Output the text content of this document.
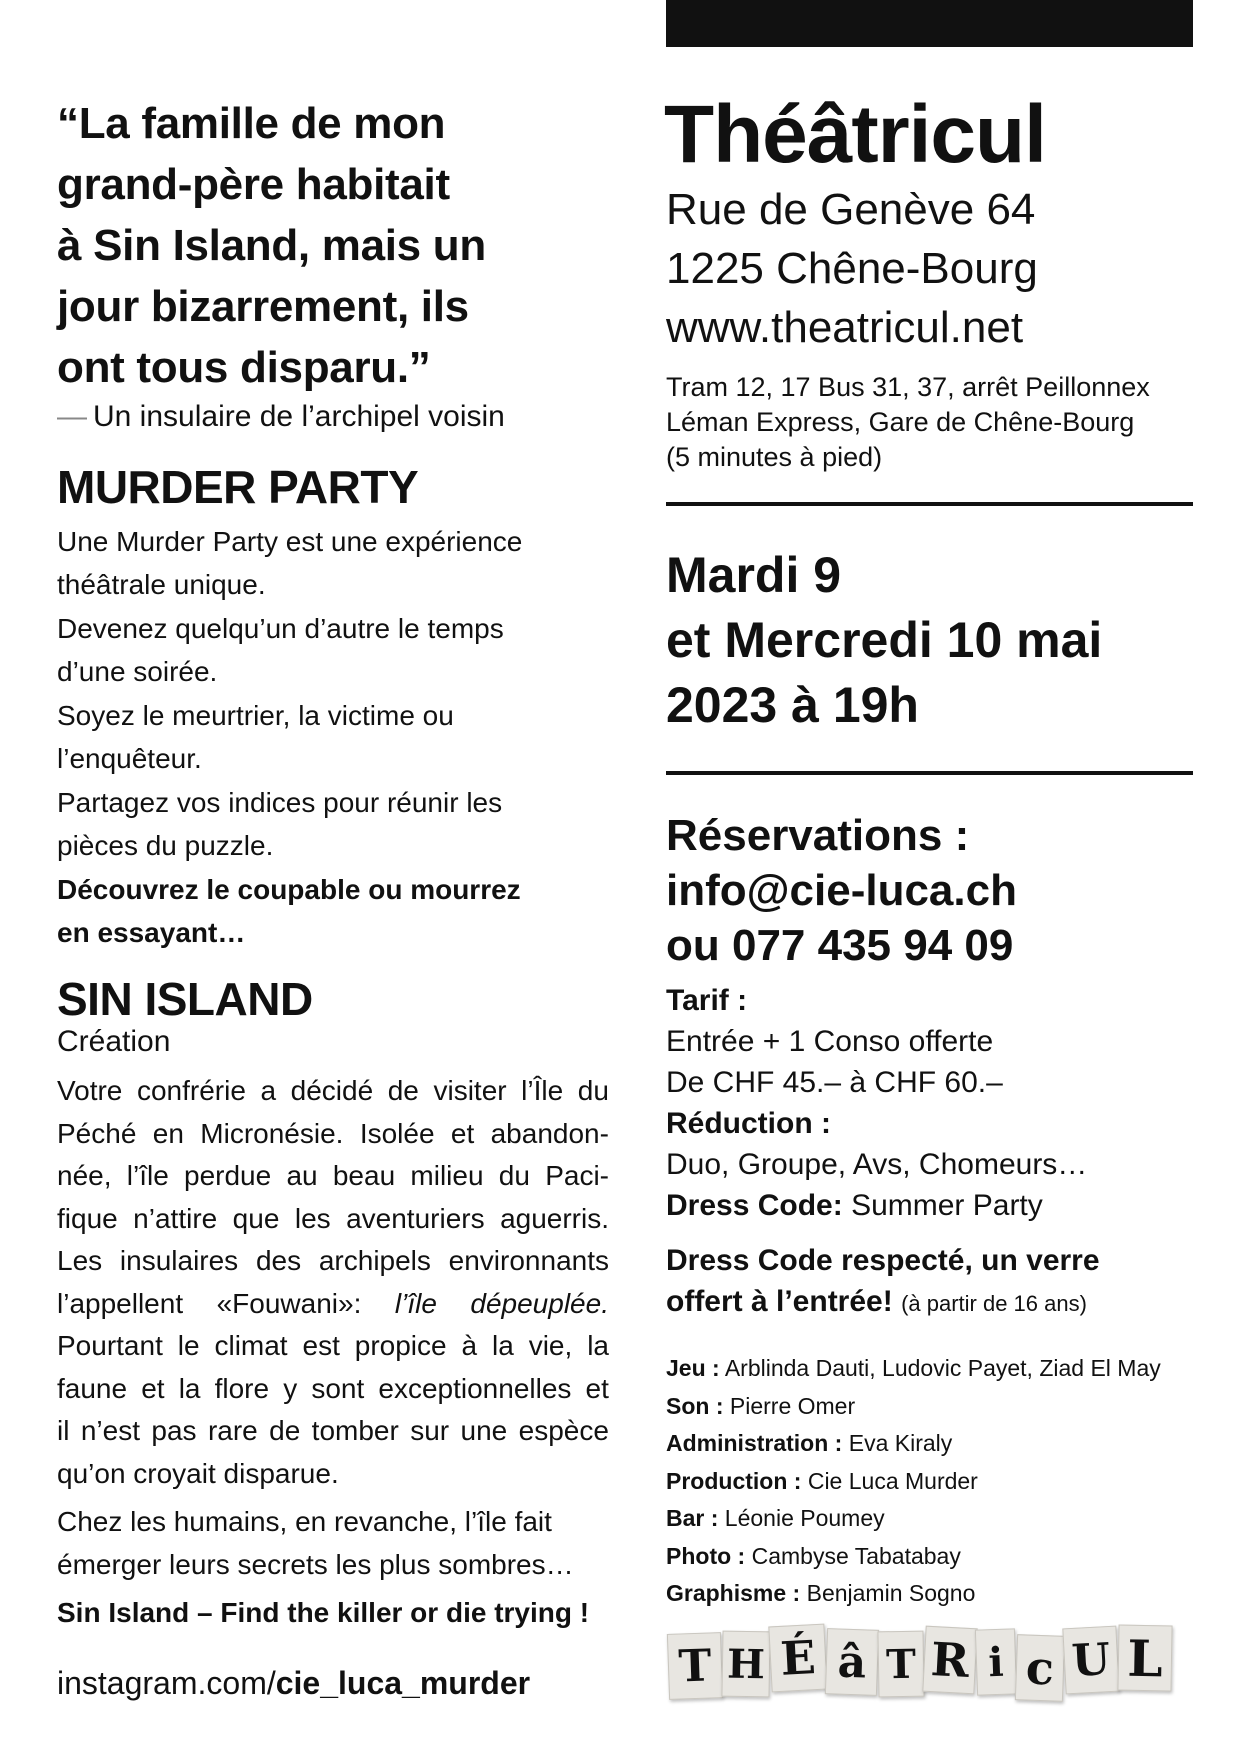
“La famille de mon
grand-père habitait
à Sin Island, mais un
jour bizarrement, ils
ont tous disparu.”
— Un insulaire de l’archipel voisin
MURDER PARTY

Une Murder Party est une expérience
théâtrale unique.

Devenez quelqu’un d’autre le temps
d’une soirée.

Soyez le meurtrier, la victime ou
l’enquêteur.

Partagez vos indices pour réunir les
pièces du puzzle.

Découvrez le coupable ou mourrez
en essayant…

SIN ISLAND
Création
Votre confrérie a décidé de visiter l’Île du
Péché en Micronésie. Isolée et abandon-
née, l’île perdue au beau milieu du Paci-
fique n’attire que les aventuriers aguerris.
Les insulaires des archipels environnants
l’appellent «Fouwani»: l’île dépeuplée.
Pourtant le climat est propice à la vie, la
faune et la flore y sont exceptionnelles et
il n’est pas rare de tomber sur une espèce
qu’on croyait disparue.
Chez les humains, en revanche, l’île fait
émerger leurs secrets les plus sombres…
Sin Island – Find the killer or die trying !
instagram.com/cie_luca_murder
Théâtricul
Rue de Genève 64
1225 Chêne-Bourg
www.theatricul.net
Tram 12, 17 Bus 31, 37, arrêt Peillonnex
Léman Express, Gare de Chêne-Bourg
(5 minutes à pied)
Mardi 9
et Mercredi 10 mai
2023 à 19h
Réservations :
info@cie-luca.ch
ou 077 435 94 09
Tarif :
Entrée + 1 Conso offerte
De CHF 45.– à CHF 60.–
Réduction :
Duo, Groupe, Avs, Chomeurs…
Dress Code: Summer Party
Dress Code respecté, un verre
offert à l’entrée! (à partir de 16 ans)
Jeu : Arblinda Dauti, Ludovic Payet, Ziad El May
Son : Pierre Omer
Administration : Eva Kiraly
Production : Cie Luca Murder
Bar : Léonie Poumey
Photo : Cambyse Tabatabay
Graphisme : Benjamin Sogno
T H É â T R i c U L
